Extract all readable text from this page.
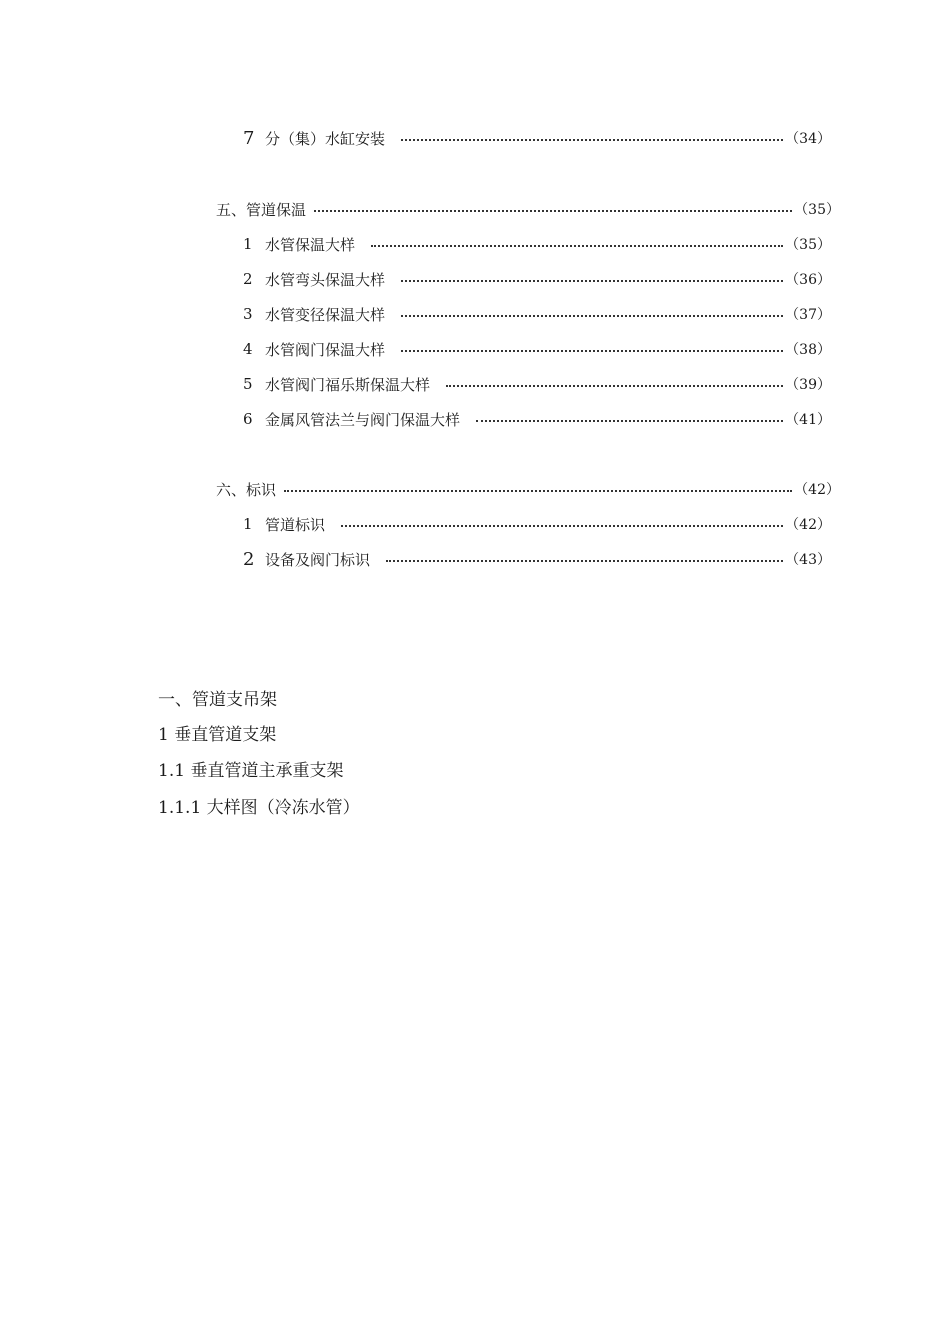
7 分（集）水缸安装	（34）
五、管道保温	（35）
1 水管保温大样	（35）
2 水管弯头保温大样	（36）
3 水管变径保温大样	（37）
4 水管阀门保温大样	（38）
5 水管阀门福乐斯保温大样	（39）
6 金属风管法兰与阀门保温大样	（41）
六、标识	（42）
1 管道标识	（42）
2 设备及阀门标识	（43）
一、管道支吊架
1 垂直管道支架
1.1 垂直管道主承重支架
1.1.1 大样图（冷冻水管）
